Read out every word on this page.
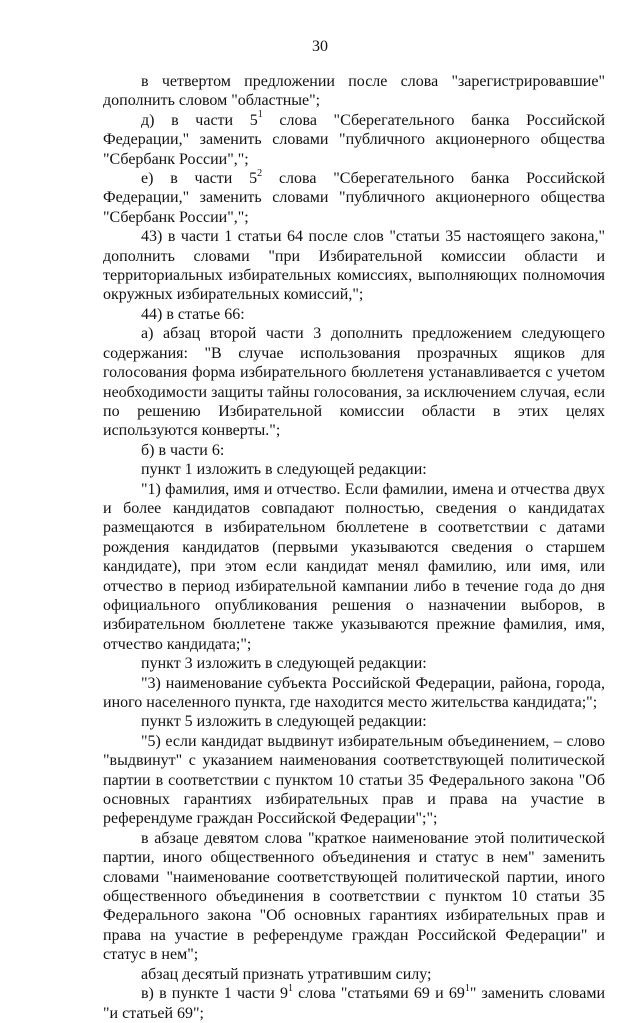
30

в четвертом предложении после слова "зарегистрировавшие" дополнить словом "областные";

д) в части $5^1$ слова "Сберегательного банка Российской Федерации," заменить словами "публичного акционерного общества "Сбербанк России",";

е) в части $5^2$ слова "Сберегательного банка Российской Федерации," заменить словами "публичного акционерного общества "Сбербанк России",";

43) в части 1 статьи 64 после слов "статьи 35 настоящего закона," дополнить словами "при Избирательной комиссии области и территориальных избирательных комиссиях, выполняющих полномочия окружных избирательных комиссий,";

44) в статье 66:

а) абзац второй части 3 дополнить предложением следующего содержания: "В случае использования прозрачных ящиков для голосования форма избирательного бюллетеня устанавливается с учетом необходимости защиты тайны голосования, за исключением случая, если по решению Избирательной комиссии области в этих целях используются конверты.";

б) в части 6:

пункт 1 изложить в следующей редакции:

"1) фамилия, имя и отчество. Если фамилии, имена и отчества двух и более кандидатов совпадают полностью, сведения о кандидатах размещаются в избирательном бюллетене в соответствии с датами рождения кандидатов (первыми указываются сведения о старшем кандидате), при этом если кандидат менял фамилию, или имя, или отчество в период избирательной кампании либо в течение года до дня официального опубликования решения о назначении выборов, в избирательном бюллетене также указываются прежние фамилия, имя, отчество кандидата;";

пункт 3 изложить в следующей редакции:

"3) наименование субъекта Российской Федерации, района, города, иного населенного пункта, где находится место жительства кандидата;";

пункт 5 изложить в следующей редакции:

"5) если кандидат выдвинут избирательным объединением, – слово "выдвинут" с указанием наименования соответствующей политической партии в соответствии с пунктом 10 статьи 35 Федерального закона "Об основных гарантиях избирательных прав и права на участие в референдуме граждан Российской Федерации";";

в абзаце девятом слова "краткое наименование этой политической партии, иного общественного объединения и статус в нем" заменить словами "наименование соответствующей политической партии, иного общественного объединения в соответствии с пунктом 10 статьи 35 Федерального закона "Об основных гарантиях избирательных прав и права на участие в референдуме граждан Российской Федерации" и статус в нем";

абзац десятый признать утратившим силу;

в) в пункте 1 части $9^1$ слова "статьями 69 и $69^1$" заменить словами "и статьей 69";
